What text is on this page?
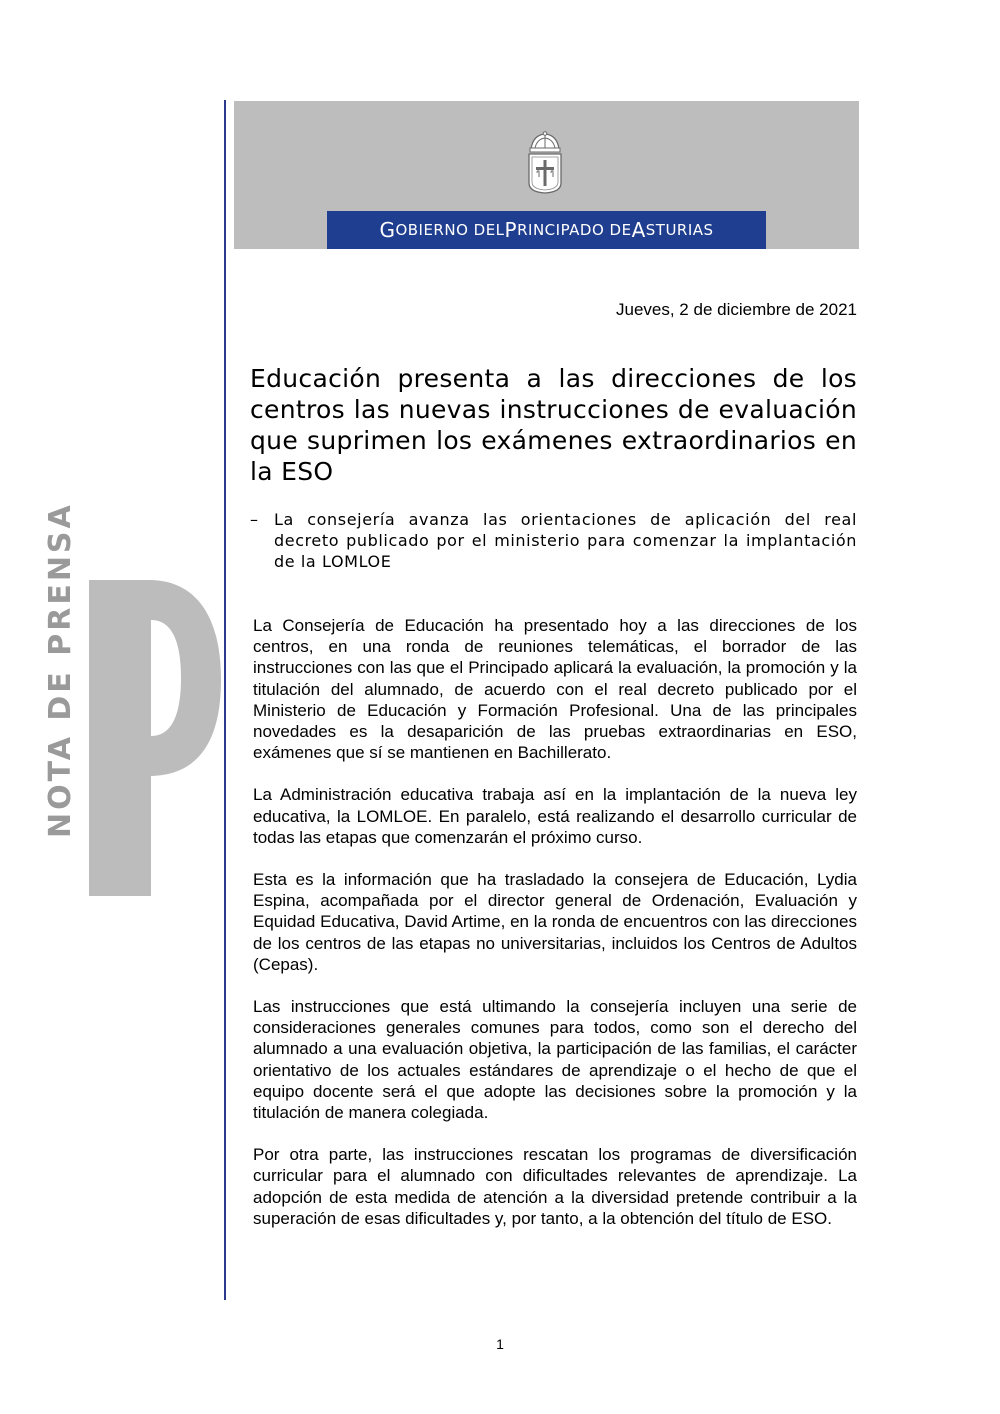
G OBIERNO DEL P RINCIPADO DE A STURIAS
NOTA DE PRENSA
Jueves, 2 de diciembre de 2021
Educación presenta a las direcciones de los centros las nuevas instrucciones de evaluación que suprimen los exámenes extraordinarios en la ESO
– La consejería avanza las orientaciones de aplicación del real decreto publicado por el ministerio para comenzar la implantación de la LOMLOE

La Consejería de Educación ha presentado hoy a las direcciones de los centros, en una ronda de reuniones telemáticas, el borrador de las instrucciones con las que el Principado aplicará la evaluación, la promoción y la titulación del alumnado, de acuerdo con el real decreto publicado por el Ministerio de Educación y Formación Profesional. Una de las principales novedades es la desaparición de las pruebas extraordinarias en ESO, exámenes que sí se mantienen en Bachillerato.

La Administración educativa trabaja así en la implantación de la nueva ley educativa, la LOMLOE. En paralelo, está realizando el desarrollo curricular de todas las etapas que comenzarán el próximo curso.

Esta es la información que ha trasladado la consejera de Educación, Lydia Espina, acompañada por el director general de Ordenación, Evaluación y Equidad Educativa, David Artime, en la ronda de encuentros con las direcciones de los centros de las etapas no universitarias, incluidos los Centros de Adultos (Cepas).

Las instrucciones que está ultimando la consejería incluyen una serie de consideraciones generales comunes para todos, como son el derecho del alumnado a una evaluación objetiva, la participación de las familias, el carácter orientativo de los actuales estándares de aprendizaje o el hecho de que el equipo docente será el que adopte las decisiones sobre la promoción y la titulación de manera colegiada.

Por otra parte, las instrucciones rescatan los programas de diversificación curricular para el alumnado con dificultades relevantes de aprendizaje. La adopción de esta medida de atención a la diversidad pretende contribuir a la superación de esas dificultades y, por tanto, a la obtención del título de ESO.

1
